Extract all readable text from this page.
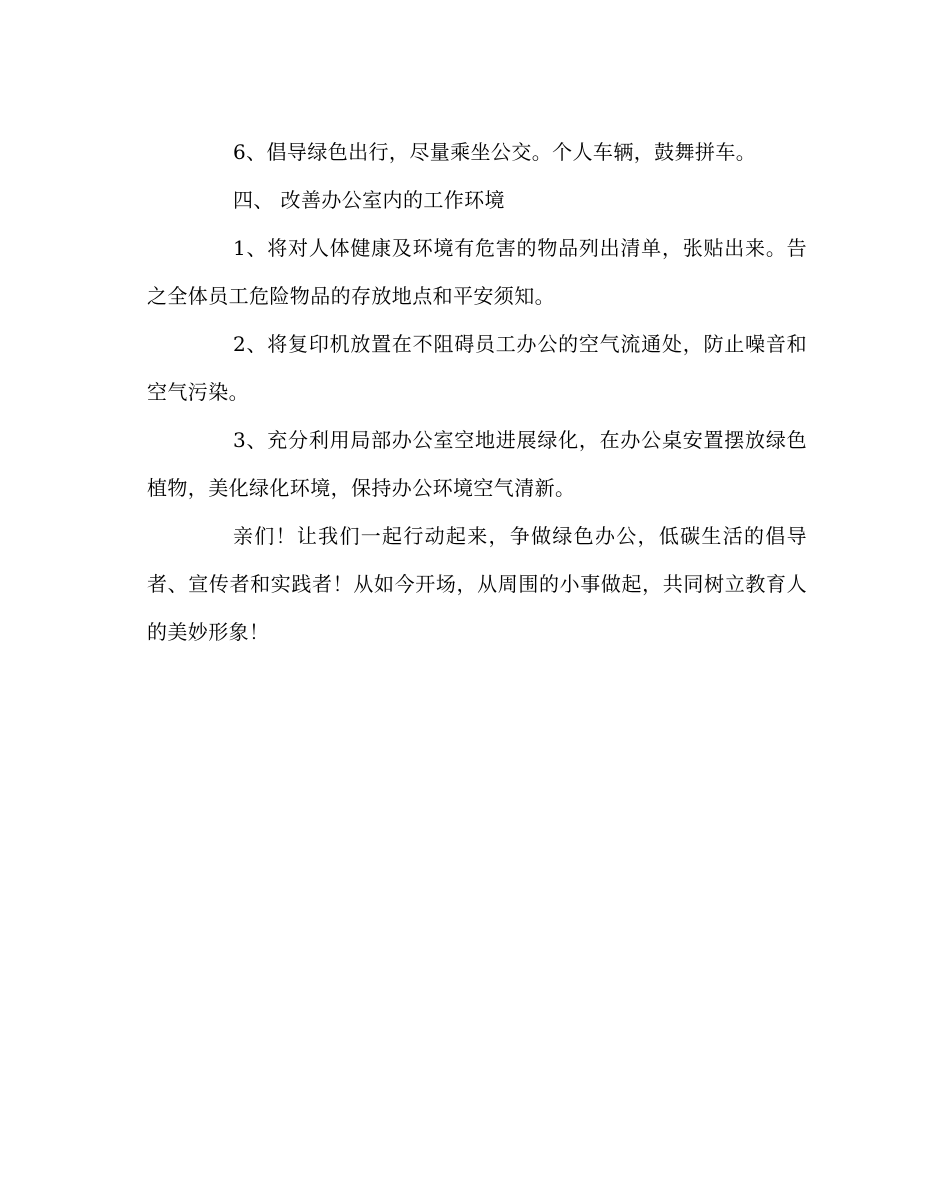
6、倡导绿色出行，尽量乘坐公交。个人车辆，鼓舞拼车。

四、 改善办公室内的工作环境

1、将对人体健康及环境有危害的物品列出清单，张贴出来。告之全体员工危险物品的存放地点和平安须知。

2、将复印机放置在不阻碍员工办公的空气流通处，防止噪音和空气污染。

3、充分利用局部办公室空地进展绿化，在办公桌安置摆放绿色植物，美化绿化环境，保持办公环境空气清新。

亲们！让我们一起行动起来，争做绿色办公，低碳生活的倡导者、宣传者和实践者！从如今开场，从周围的小事做起，共同树立教育人的美妙形象！
